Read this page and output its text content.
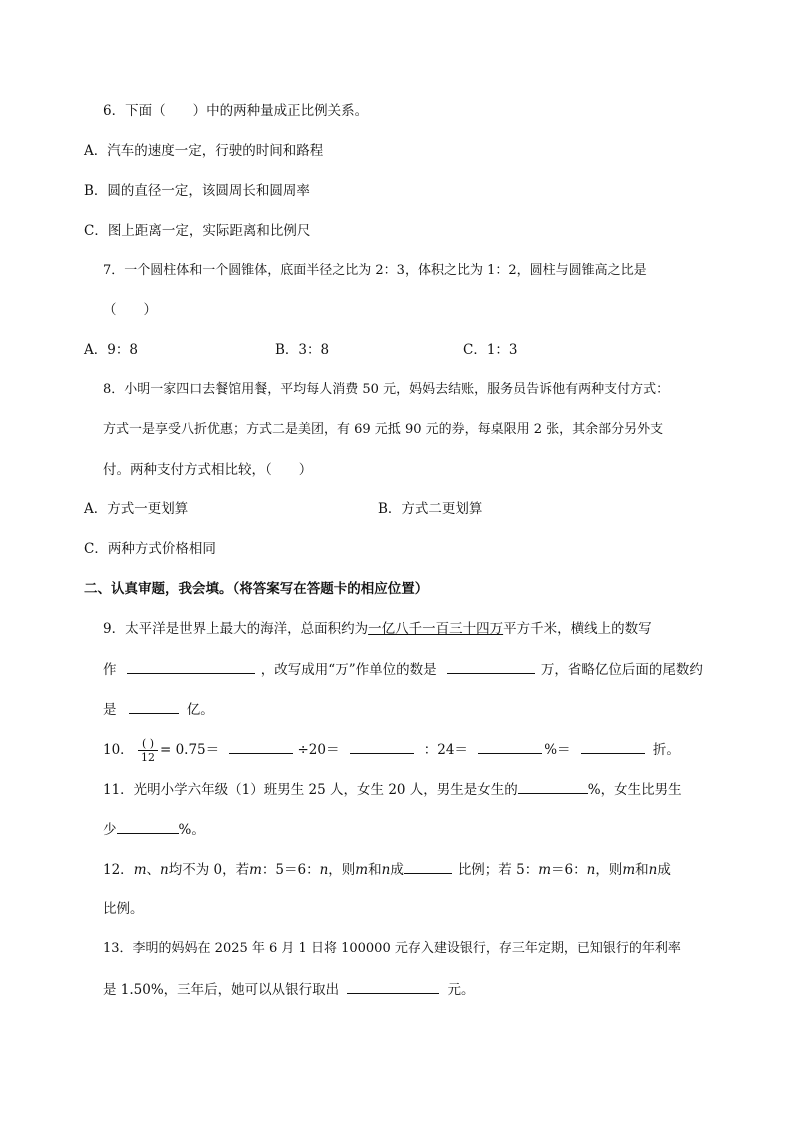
6．下面（　　）中的两种量成正比例关系。
A．汽车的速度一定，行驶的时间和路程
B．圆的直径一定，该圆周长和圆周率
C．图上距离一定，实际距离和比例尺
7．一个圆柱体和一个圆锥体，底面半径之比为 2：3，体积之比为 1：2，圆柱与圆锥高之比是
（　　）
A．9：8	B．3：8	C．1：3
8．小明一家四口去餐馆用餐，平均每人消费 50 元，妈妈去结账，服务员告诉他有两种支付方式：
方式一是享受八折优惠；方式二是美团，有 69 元抵 90 元的券，每桌限用 2 张，其余部分另外支
付。两种支付方式相比较，（　　）
A．方式一更划算	B．方式二更划算
C．两种方式价格相同
二、认真审题，我会填。（将答案写在答题卡的相应位置）
9．太平洋是世界上最大的海洋，总面积约为一亿八千一百三十四万平方千米，横线上的数写
作	，改写成用“万”作单位的数是	万，省略亿位后面的尾数约
是	亿。
10． $\frac{( )}{12} = 0.75=$	÷20＝	：24＝	%＝	折。
11．光明小学六年级（1）班男生 25 人，女生 20 人，男生是女生的	%，女生比男生
少	%。
12．m、n均不为 0，若m：5＝6：n，则m和n成	比例；若 5：m＝6：n，则m和n成
比例。
13．李明的妈妈在 2025 年 6 月 1 日将 100000 元存入建设银行，存三年定期，已知银行的年利率
是 1.50%，三年后，她可以从银行取出	元。
